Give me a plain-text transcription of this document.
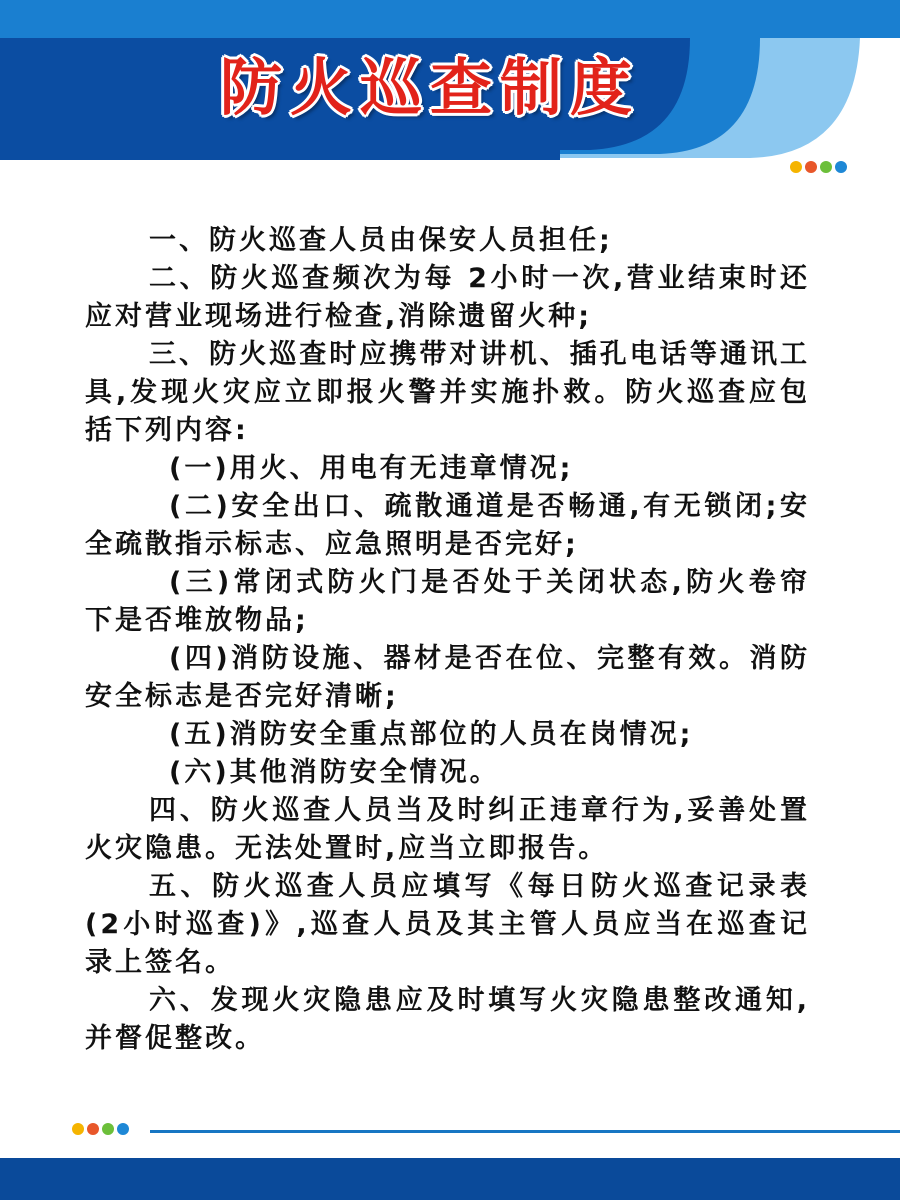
防火巡查制度

一、防火巡查人员由保安人员担任;

二、防火巡查频次为每 2小时一次,营业结束时还应对营业现场进行检查,消除遗留火种;

三、防火巡查时应携带对讲机、插孔电话等通讯工具,发现火灾应立即报火警并实施扑救。防火巡查应包括下列内容:

(一)用火、用电有无违章情况;

(二)安全出口、疏散通道是否畅通,有无锁闭;安全疏散指示标志、应急照明是否完好;

(三)常闭式防火门是否处于关闭状态,防火卷帘下是否堆放物品;

(四)消防设施、器材是否在位、完整有效。消防安全标志是否完好清晰;

(五)消防安全重点部位的人员在岗情况;

(六)其他消防安全情况。

四、防火巡查人员当及时纠正违章行为,妥善处置火灾隐患。无法处置时,应当立即报告。

五、防火巡查人员应填写《每日防火巡查记录表(2小时巡查)》,巡查人员及其主管人员应当在巡查记录上签名。

六、发现火灾隐患应及时填写火灾隐患整改通知,并督促整改。
